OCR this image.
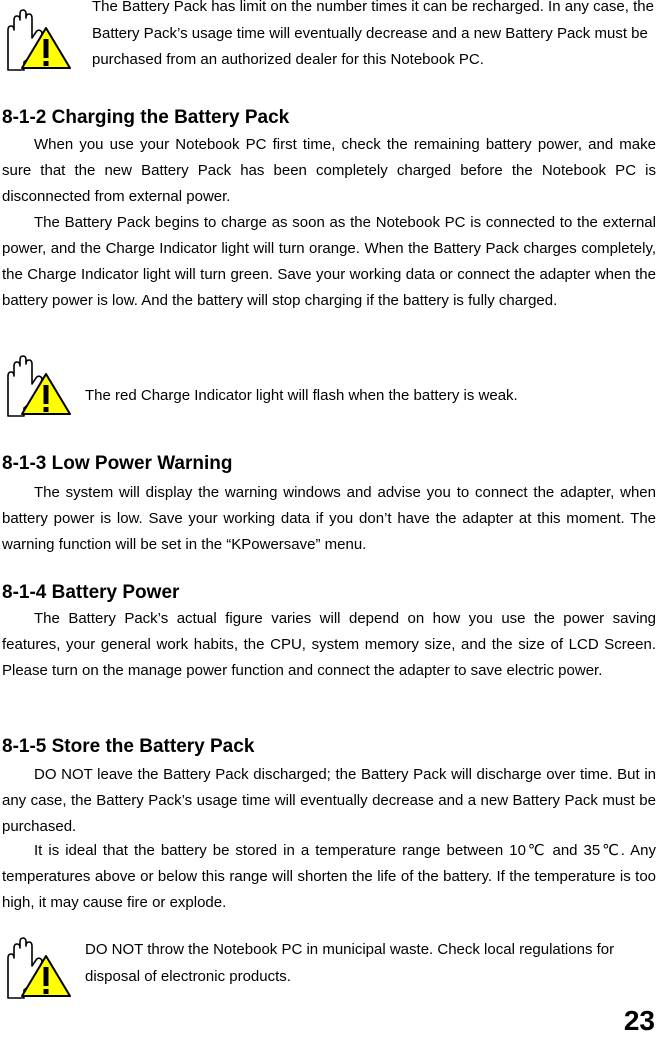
The Battery Pack has limit on the number times it can be recharged. In any case, the Battery Pack’s usage time will eventually decrease and a new Battery Pack must be purchased from an authorized dealer for this Notebook PC.

8-1-2 Charging the Battery Pack

When you use your Notebook PC first time, check the remaining battery power, and make sure that the new Battery Pack has been completely charged before the Notebook PC is disconnected from external power.

The Battery Pack begins to charge as soon as the Notebook PC is connected to the external power, and the Charge Indicator light will turn orange. When the Battery Pack charges completely, the Charge Indicator light will turn green. Save your working data or connect the adapter when the battery power is low. And the battery will stop charging if the battery is fully charged.

The red Charge Indicator light will flash when the battery is weak.

8-1-3 Low Power Warning

The system will display the warning windows and advise you to connect the adapter, when battery power is low. Save your working data if you don’t have the adapter at this moment. The warning function will be set in the “KPowersave” menu.

8-1-4 Battery Power

The Battery Pack’s actual figure varies will depend on how you use the power saving features, your general work habits, the CPU, system memory size, and the size of LCD Screen. Please turn on the manage power function and connect the adapter to save electric power.

8-1-5 Store the Battery Pack

DO NOT leave the Battery Pack discharged; the Battery Pack will discharge over time. But in any case, the Battery Pack’s usage time will eventually decrease and a new Battery Pack must be purchased.

It is ideal that the battery be stored in a temperature range between 10℃ and 35℃. Any temperatures above or below this range will shorten the life of the battery. If the temperature is too high, it may cause fire or explode.

DO NOT throw the Notebook PC in municipal waste. Check local regulations for disposal of electronic products.

23
